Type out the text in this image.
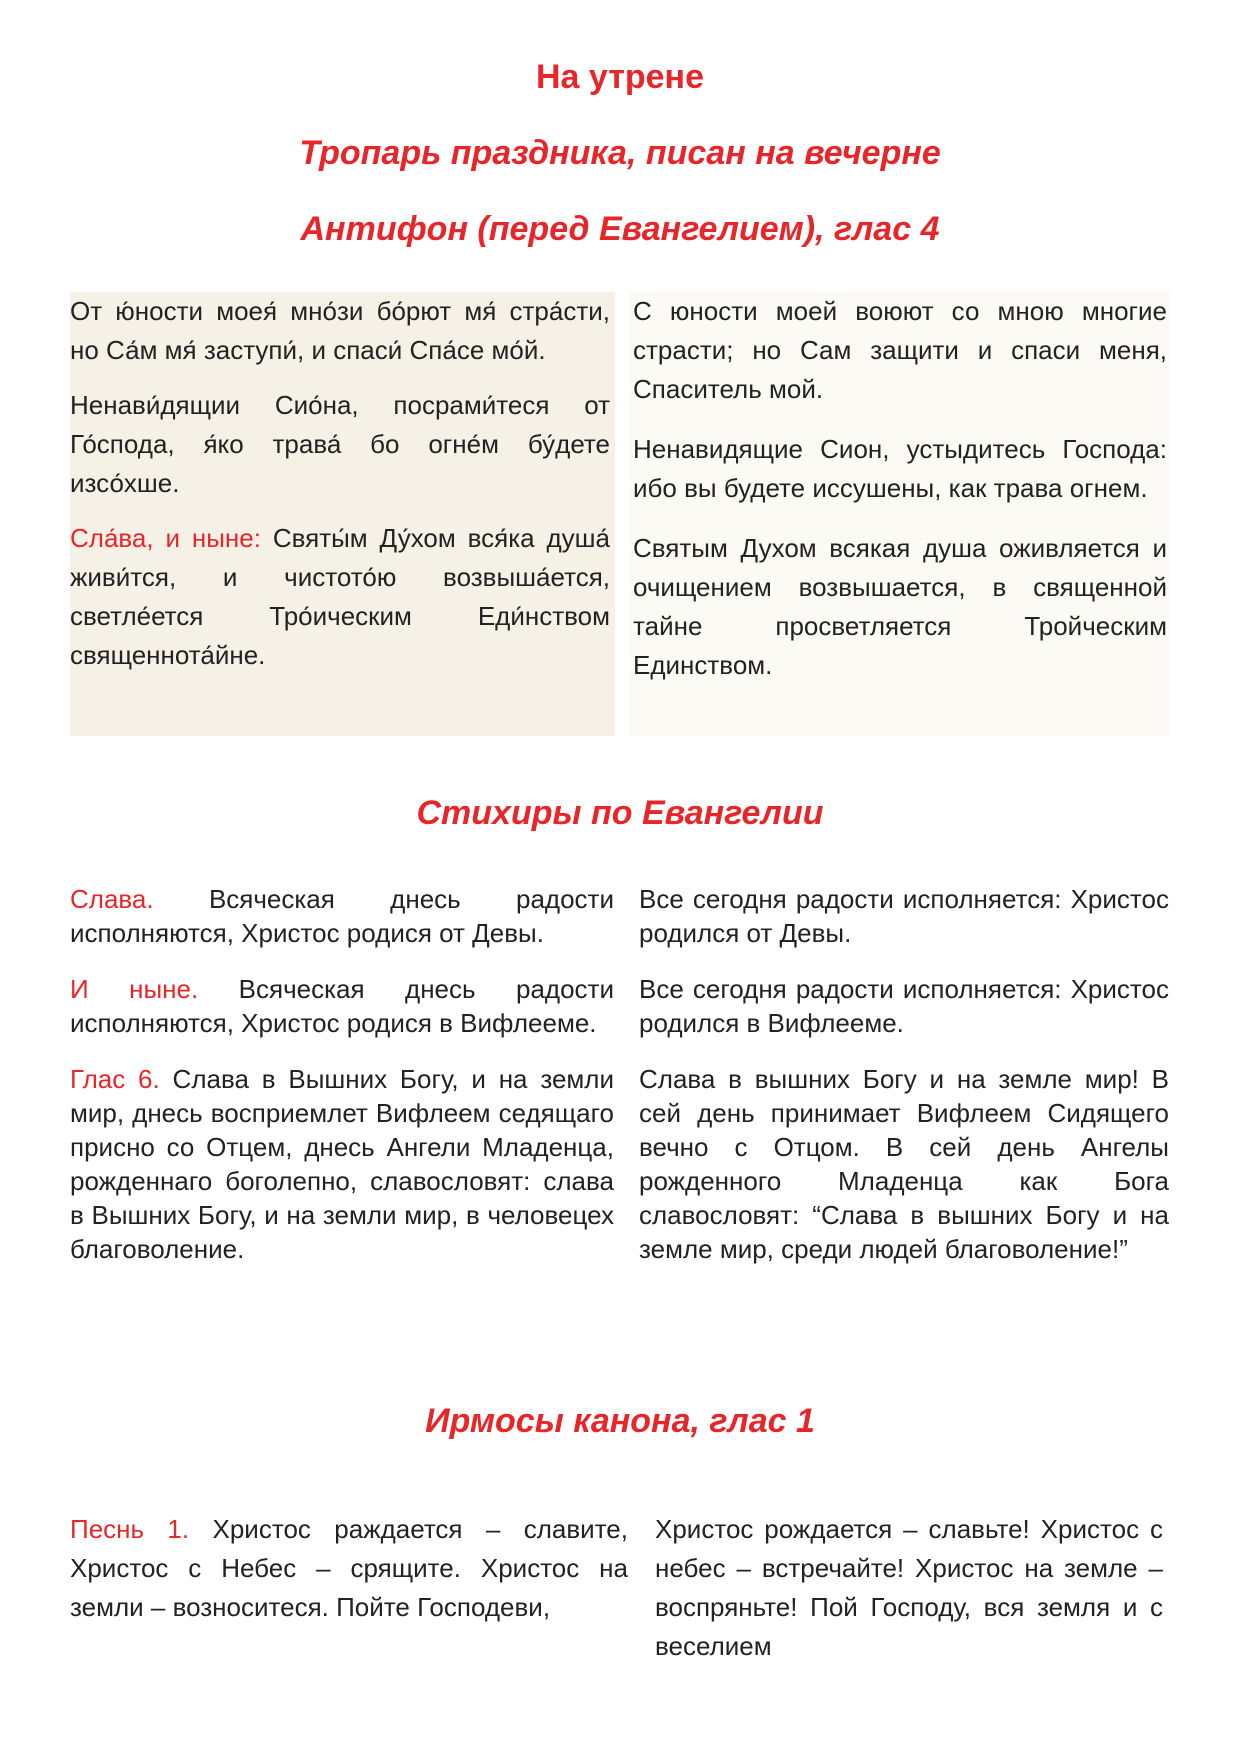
На утрене
Тропарь праздника, писан на вечерне
Антифон (перед Евангелием), глас 4

От ю́ности моея́ мно́зи бо́рют мя́ стра́сти, но Са́м мя́ заступи́, и спаси́ Спа́се мо́й.

Ненави́дящии Сио́на, посрами́теся от Го́спода, я́ко трава́ бо огне́м бу́дете изсо́хше.

Сла́ва, и ныне: Святы́м Ду́хом вся́ка душа́ живи́тся, и чистото́ю возвыша́ется, светле́ется Тро́ическим Еди́нством священнота́йне.

С юности моей воюют со мною многие страсти; но Сам защити и спаси меня, Спаситель мой.

Ненавидящие Сион, устыдитесь Господа: ибо вы будете иссушены, как трава огнем.

Святым Духом всякая душа оживляется и очищением возвышается, в священной тайне просветляется Тройческим Единством.

Стихиры по Евангелии

Слава. Всяческая днесь радости исполняются, Христос родися от Девы.

И ныне. Всяческая днесь радости исполняются, Христос родися в Вифлееме.

Глас 6. Слава в Вышних Богу, и на земли мир, днесь восприемлет Вифлеем седящаго присно со Отцем, днесь Ангели Младенца, рожденнаго боголепно, славословят: слава в Вышних Богу, и на земли мир, в человецех благоволение.

Все сегодня радости исполняется: Христос родился от Девы.

Все сегодня радости исполняется: Христос родился в Вифлееме.

Слава в вышних Богу и на земле мир! В сей день принимает Вифлеем Сидящего вечно с Отцом. В сей день Ангелы рожденного Младенца как Бога славословят: “Слава в вышних Богу и на земле мир, среди людей благоволение!”

Ирмосы канона, глас 1

Песнь 1. Христос раждается – славите, Христос с Небес – срящите. Христос на земли – возноситеся. Пойте Господеви,

Христос рождается – славьте! Христос с небес – встречайте! Христос на земле – воспряньте! Пой Господу, вся земля и с веселием
